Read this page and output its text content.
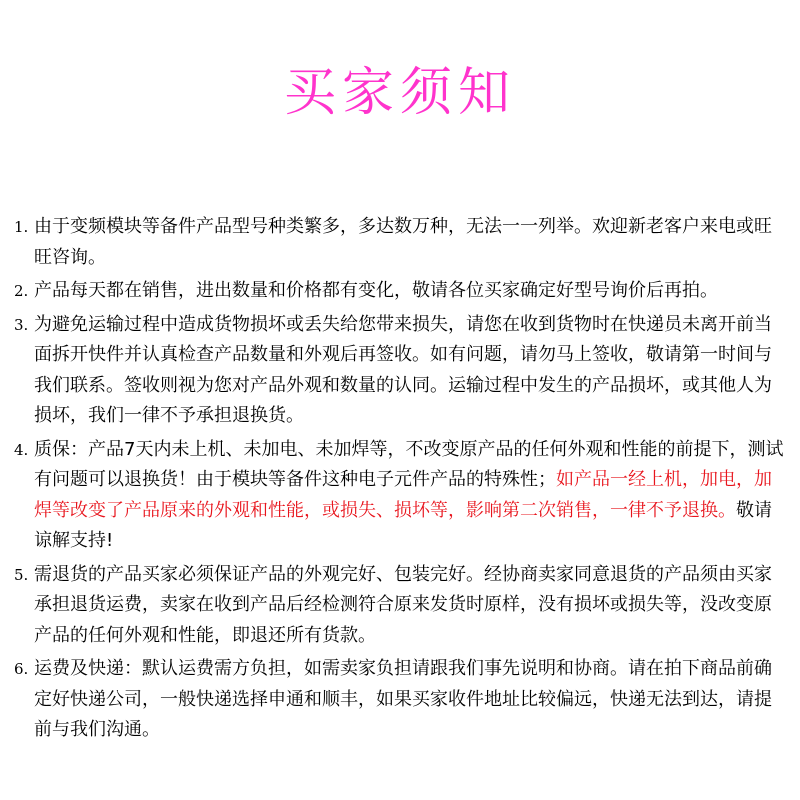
买家须知
1. 由于变频模块等备件产品型号种类繁多，多达数万种，无法一一列举。欢迎新老客户来电或旺旺咨询。
2. 产品每天都在销售，进出数量和价格都有变化，敬请各位买家确定好型号询价后再拍。
3. 为避免运输过程中造成货物损坏或丢失给您带来损失，请您在收到货物时在快递员未离开前当面拆开快件并认真检查产品数量和外观后再签收。如有问题，请勿马上签收，敬请第一时间与我们联系。签收则视为您对产品外观和数量的认同。运输过程中发生的产品损坏，或其他人为损坏，我们一律不予承担退换货。
4. 质保：产品7天内未上机、未加电、未加焊等，不改变原产品的任何外观和性能的前提下，测试有问题可以退换货！由于模块等备件这种电子元件产品的特殊性；如产品一经上机，加电，加焊等改变了产品原来的外观和性能，或损失、损坏等，影响第二次销售，一律不予退换。敬请谅解支持!
5. 需退货的产品买家必须保证产品的外观完好、包装完好。经协商卖家同意退货的产品须由买家承担退货运费，卖家在收到产品后经检测符合原来发货时原样，没有损坏或损失等，没改变原产品的任何外观和性能，即退还所有货款。
6. 运费及快递：默认运费需方负担，如需卖家负担请跟我们事先说明和协商。请在拍下商品前确定好快递公司，一般快递选择申通和顺丰，如果买家收件地址比较偏远，快递无法到达，请提前与我们沟通。
